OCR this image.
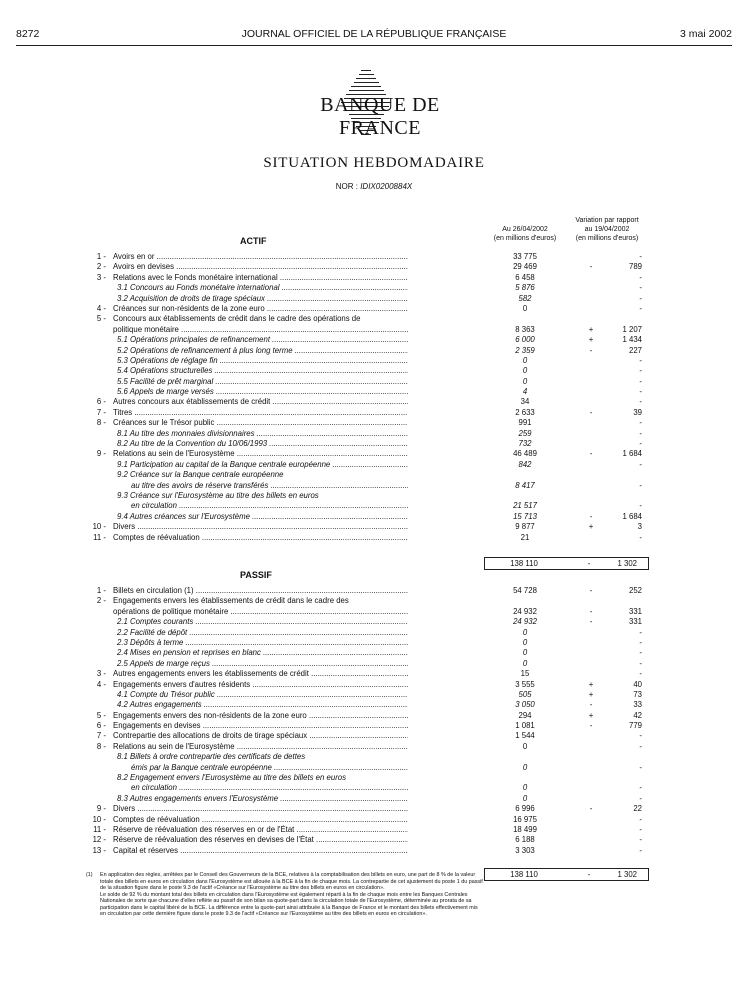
8272	JOURNAL OFFICIEL DE LA RÉPUBLIQUE FRANÇAISE	3 mai 2002
BANQUE DE FRANCE
SITUATION HEBDOMADAIRE
NOR : IDIX0200884X
Au 26/04/2002
(en millions d'euros)
Variation par rapport
au 19/04/2002
(en millions d'euros)
ACTIF
1 - Avoirs en or .....	33 775	-
2 - Avoirs en devises .....	29 469	-	789
3 - Relations avec le Fonds monétaire international .....	6 458	-
3.1 Concours au Fonds monétaire international .....	5 876	-
3.2 Acquisition de droits de tirage spéciaux .....	582	-
4 - Créances sur non-résidents de la zone euro .....	0	-
5 - Concours aux établissements de crédit dans le cadre des opérations de
politique monétaire .....	8 363	+	1 207
5.1 Opérations principales de refinancement .....	6 000	+	1 434
5.2 Opérations de refinancement à plus long terme .....	2 359	-	227
5.3 Opérations de réglage fin .....	0	-
5.4 Opérations structurelles .....	0	-
5.5 Facilité de prêt marginal .....	0	-
5.6 Appels de marge versés .....	4	-
6 - Autres concours aux établissements de crédit .....	34	-
7 - Titres .....	2 633	-	39
8 - Créances sur le Trésor public .....	991	-
8.1 Au titre des monnaies divisionnaires .....	259	-
8.2 Au titre de la Convention du 10/06/1993 .....	732	-
9 - Relations au sein de l'Eurosystème .....	46 489	-	1 684
9.1 Participation au capital de la Banque centrale européenne .....	842	-
9.2 Créance sur la Banque centrale européenne
au titre des avoirs de réserve transférés .....	8 417	-
9.3 Créance sur l'Eurosystème au titre des billets en euros
en circulation .....	21 517	-
9.4 Autres créances sur l'Eurosystème .....	15 713	-	1 684
10 - Divers .....	9 877	+	3
11 - Comptes de réévaluation .....	21	-
138 110	-	1 302
PASSIF
1 - Billets en circulation (1) .....	54 728	-	252
2 - Engagements envers les établissements de crédit dans le cadre des
opérations de politique monétaire .....	24 932	-	331
2.1 Comptes courants .....	24 932	-	331
2.2 Facilité de dépôt .....	0	-
2.3 Dépôts à terme .....	0	-
2.4 Mises en pension et reprises en blanc .....	0	-
2.5 Appels de marge reçus .....	0	-
3 - Autres engagements envers les établissements de crédit .....	15	-
4 - Engagements envers d'autres résidents .....	3 555	+	40
4.1 Compte du Trésor public .....	505	+	73
4.2 Autres engagements .....	3 050	-	33
5 - Engagements envers des non-résidents de la zone euro .....	294	+	42
6 - Engagements en devises .....	1 081	-	779
7 - Contrepartie des allocations de droits de tirage spéciaux .....	1 544	-
8 - Relations au sein de l'Eurosystème .....	0	-
8.1 Billets à ordre contrepartie des certificats de dettes
émis par la Banque centrale européenne .....	0	-
8.2 Engagement envers l'Eurosystème au titre des billets en euros
en circulation .....	0	-
8.3 Autres engagements envers l'Eurosystème .....	0	-
9 - Divers .....	6 996	-	22
10 - Comptes de réévaluation .....	16 975	-
11 - Réserve de réévaluation des réserves en or de l'État .....	18 499	-
12 - Réserve de réévaluation des réserves en devises de l'État .....	6 188	-
13 - Capital et réserves .....	3 303	-
138 110	-	1 302
(1) En application des règles, arrêtées par le Conseil des Gouverneurs de la BCE, relatives à la comptabilisation des billets en euro, une part de 8 % de la valeur totale des billets en euros en circulation dans l'Eurosystème est allouée à la BCE à la fin de chaque mois. La contrepartie de cet ajustement du poste 1 du passif de la situation figure dans le poste 9.3 de l'actif «Créance sur l'Eurosystème au titre des billets en euros en circulation».

Le solde de 92 % du montant total des billets en circulation dans l'Eurosystème est également réparti à la fin de chaque mois entre les Banques Centrales Nationales de sorte que chacune d'elles reflète au passif de son bilan sa quote-part dans la circulation totale de l'Eurosystème, déterminée au prorata de sa participation dans le capital libéré de la BCE. La différence entre la quote-part ainsi attribuée à la Banque de France et le montant des billets effectivement mis en circulation par cette dernière figure dans le poste 9.3 de l'actif «Créance sur l'Eurosystème au titre des billets en euros en circulation».
